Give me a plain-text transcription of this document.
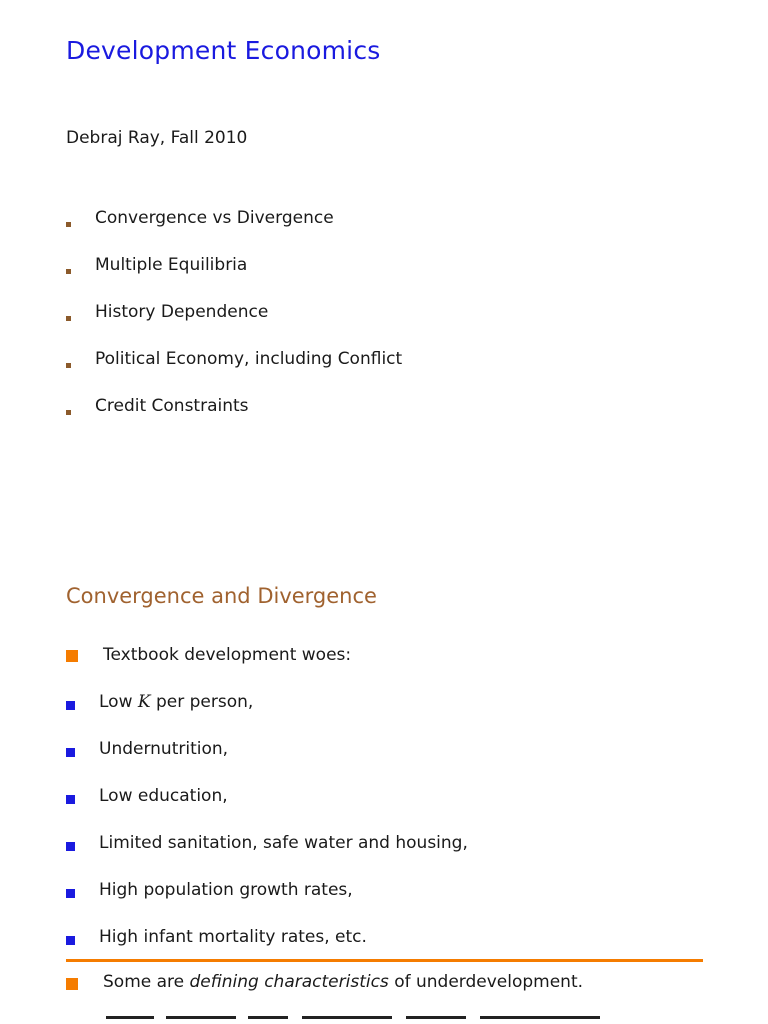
Development Economics
Debraj Ray, Fall 2010
Convergence vs Divergence
Multiple Equilibria
History Dependence
Political Economy, including Conflict
Credit Constraints
Convergence and Divergence
Textbook development woes:
Low K per person,
Undernutrition,
Low education,
Limited sanitation, safe water and housing,
High population growth rates,
High infant mortality rates, etc.
Some are defining characteristics of underdevelopment.
